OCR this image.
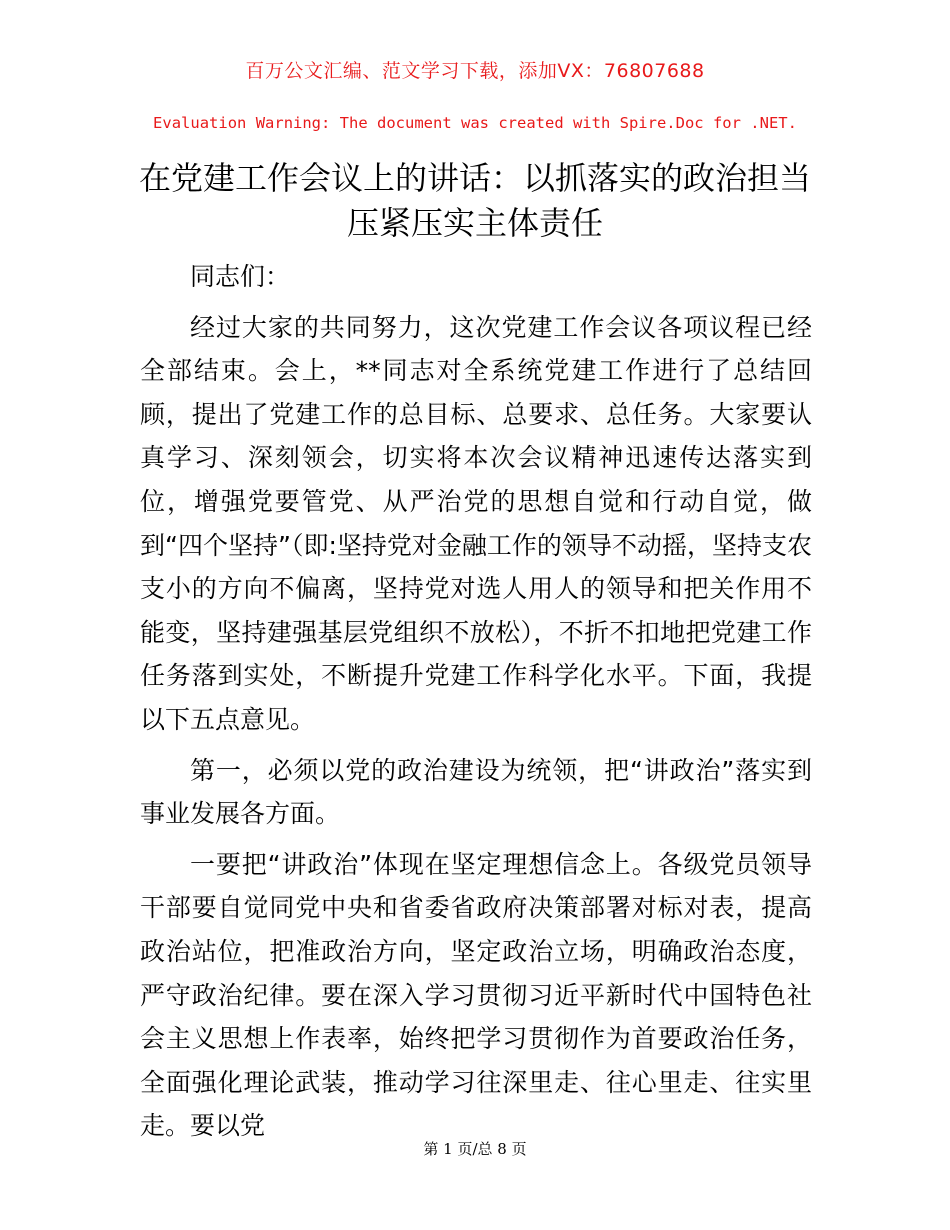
百万公文汇编、范文学习下载，添加VX：76807688
Evaluation Warning: The document was created with Spire.Doc for .NET.
在党建工作会议上的讲话：以抓落实的政治担当压紧压实主体责任

同志们：

经过大家的共同努力，这次党建工作会议各项议程已经全部结束。会上，**同志对全系统党建工作进行了总结回顾，提出了党建工作的总目标、总要求、总任务。大家要认真学习、深刻领会，切实将本次会议精神迅速传达落实到位，增强党要管党、从严治党的思想自觉和行动自觉，做到“四个坚持”（即:坚持党对金融工作的领导不动摇，坚持支农支小的方向不偏离，坚持党对选人用人的领导和把关作用不能变，坚持建强基层党组织不放松），不折不扣地把党建工作任务落到实处，不断提升党建工作科学化水平。下面，我提以下五点意见。

第一，必须以党的政治建设为统领，把“讲政治”落实到事业发展各方面。

一要把“讲政治”体现在坚定理想信念上。各级党员领导干部要自觉同党中央和省委省政府决策部署对标对表，提高政治站位，把准政治方向，坚定政治立场，明确政治态度，严守政治纪律。要在深入学习贯彻习近平新时代中国特色社会主义思想上作表率，始终把学习贯彻作为首要政治任务，全面强化理论武装，推动学习往深里走、往心里走、往实里走。要以党

第 1 页/总 8 页
